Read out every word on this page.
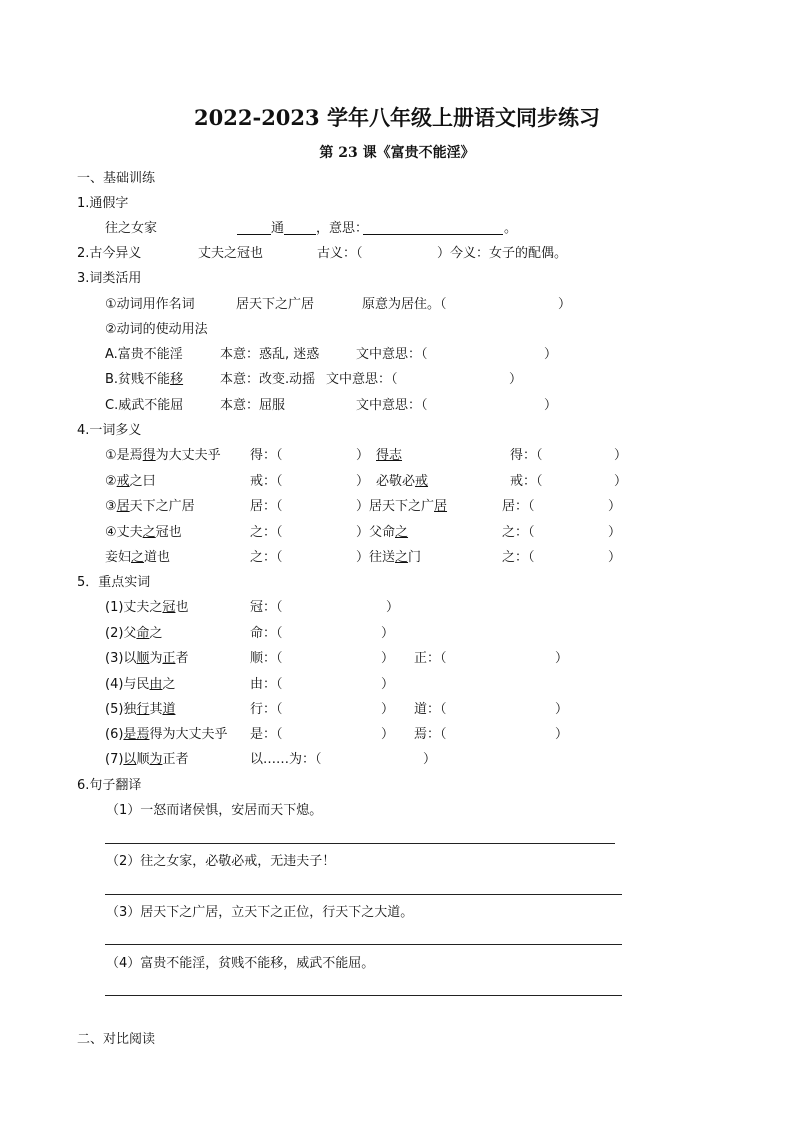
2022-2023 学年八年级上册语文同步练习
第 23 课《富贵不能淫》
一、基础训练
1.通假字
往之女家	通 ，意思：	。
2.古今异义	丈夫之冠也	古义：（	）今义：女子的配偶。
3.词类活用
①动词用作名词	居天下之广居	原意为居住。（	）
②动词的使动用法
A.富贵不能淫	本意：惑乱, 迷惑	文中意思：（	）
B.贫贱不能移	本意：改变.动摇 文中意思：（	）
C.威武不能屈	本意：屈服	文中意思：（	）
4.一词多义
①是焉得为大丈夫乎 得：（	） 得志	得：（	）
②戒之曰	戒：（	） 必敬必戒	戒：（	）
③居天下之广居	居：（	） 居天下之广居	居：（	）
④丈夫之冠也	之：（	） 父命之	之：（	）
妾妇之道也	之：（	） 往送之门	之：（	）
5．重点实词
(1)丈夫之冠也	冠：（	）
(2)父命之	命：（	）
(3)以顺为正者	顺：（	） 正：（	）
(4)与民由之	由：（	）
(5)独行其道	行：（	） 道：（	）
(6)是焉得为大丈夫乎 是：（	） 焉：（	）
(7)以顺为正者	以……为：（	）
6.句子翻译
（1）一怒而诸侯惧，安居而天下熄。
（2）往之女家，必敬必戒，无违夫子！
（3）居天下之广居，立天下之正位，行天下之大道。
（4）富贵不能淫，贫贱不能移，威武不能屈。
二、对比阅读
